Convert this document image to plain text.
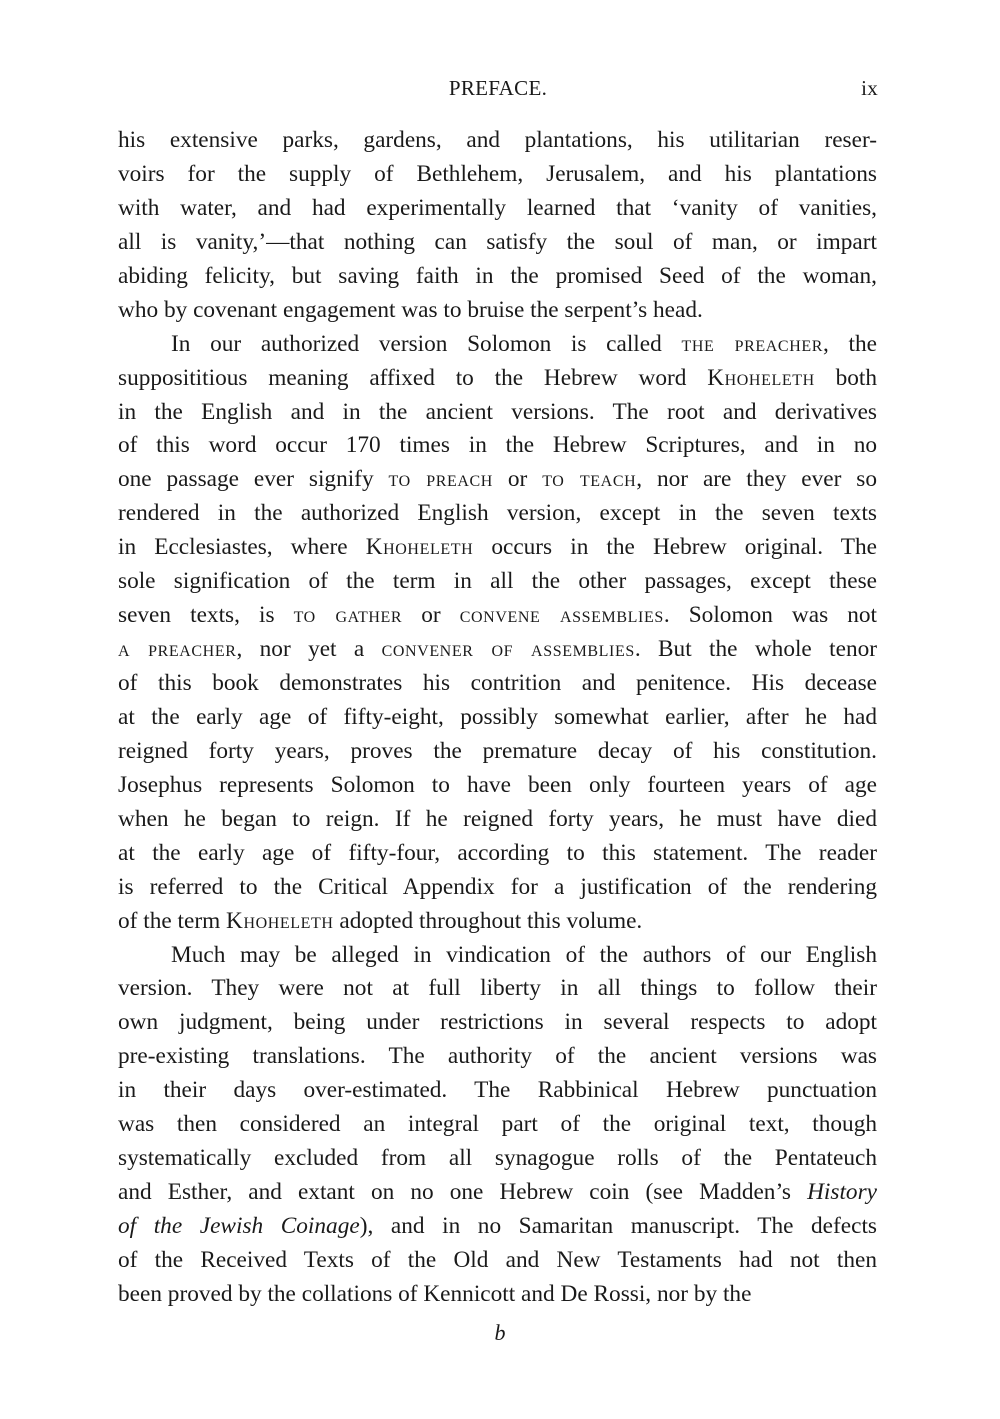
PREFACE.	ix
his extensive parks, gardens, and plantations, his utilitarian reser-
voirs for the supply of Bethlehem, Jerusalem, and his plantations
with water, and had experimentally learned that ‘vanity of vanities,
all is vanity,’—that nothing can satisfy the soul of man, or impart
abiding felicity, but saving faith in the promised Seed of the woman,
who by covenant engagement was to bruise the serpent’s head.
In our authorized version Solomon is called the preacher, the
supposititious meaning affixed to the Hebrew word Khoheleth both
in the English and in the ancient versions. The root and derivatives
of this word occur 170 times in the Hebrew Scriptures, and in no
one passage ever signify to preach or to teach, nor are they ever so
rendered in the authorized English version, except in the seven texts
in Ecclesiastes, where Khoheleth occurs in the Hebrew original. The
sole signification of the term in all the other passages, except these
seven texts, is to gather or convene assemblies. Solomon was not
a preacher, nor yet a convener of assemblies. But the whole tenor
of this book demonstrates his contrition and penitence. His decease
at the early age of fifty-eight, possibly somewhat earlier, after he had
reigned forty years, proves the premature decay of his constitution.
Josephus represents Solomon to have been only fourteen years of age
when he began to reign. If he reigned forty years, he must have died
at the early age of fifty-four, according to this statement. The reader
is referred to the Critical Appendix for a justification of the rendering
of the term Khoheleth adopted throughout this volume.
Much may be alleged in vindication of the authors of our English
version. They were not at full liberty in all things to follow their
own judgment, being under restrictions in several respects to adopt
pre-existing translations. The authority of the ancient versions was
in their days over-estimated. The Rabbinical Hebrew punctuation
was then considered an integral part of the original text, though
systematically excluded from all synagogue rolls of the Pentateuch
and Esther, and extant on no one Hebrew coin (see Madden’s History
of the Jewish Coinage), and in no Samaritan manuscript. The defects
of the Received Texts of the Old and New Testaments had not then
been proved by the collations of Kennicott and De Rossi, nor by the
b
